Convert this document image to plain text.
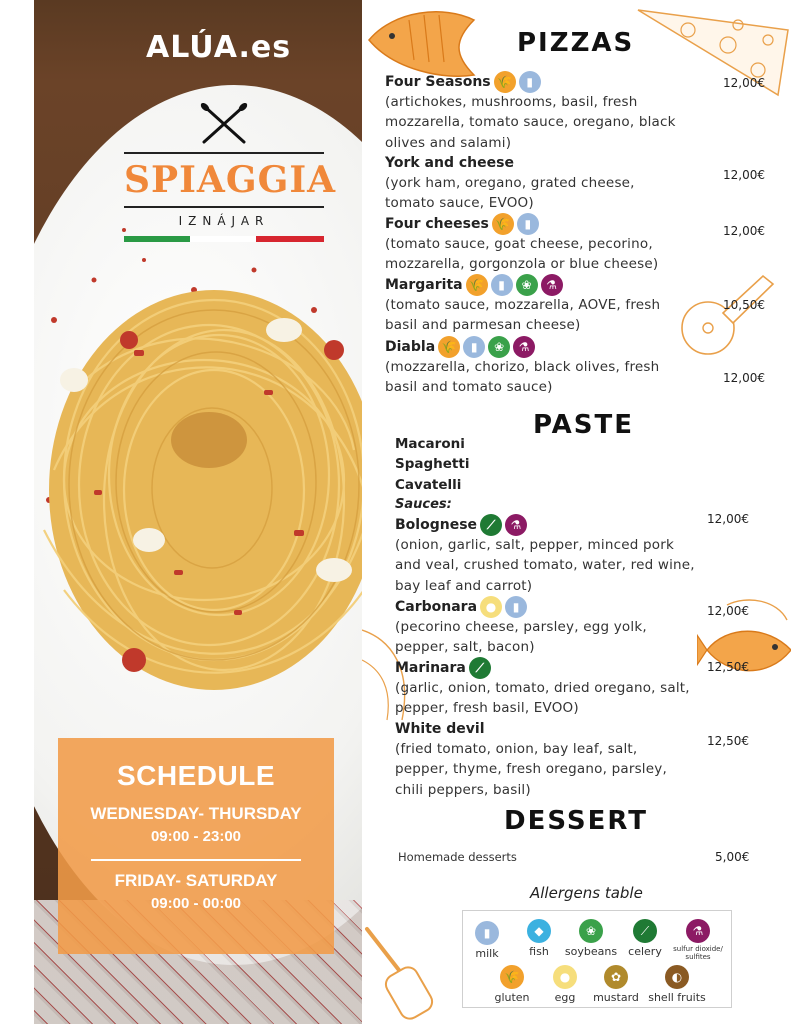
ALÚA.es
SPIAGGIA
IZNÁJAR
SCHEDULE
WEDNESDAY- THURSDAY
09:00 - 23:00
FRIDAY- SATURDAY
09:00 - 00:00
PIZZAS
Four Seasons 🌾	▮
(artichokes, mushrooms, basil, fresh mozzarella, tomato sauce, oregano, black olives and salami)
12,00€
York and cheese
(york ham, oregano, grated cheese, tomato sauce, EVOO)
12,00€
Four cheeses 🌾	▮
(tomato sauce, goat cheese, pecorino, mozzarella, gorgonzola or blue cheese)
12,00€
Margarita 🌾	▮	❀	⚗
(tomato sauce, mozzarella, AOVE, fresh basil and parmesan cheese)
10,50€
Diabla 🌾	▮	❀	⚗
(mozzarella, chorizo, black olives, fresh basil and tomato sauce)
12,00€
PASTE
Macaroni
Spaghetti
Cavatelli
Sauces:
Bolognese ⟋	⚗
(onion, garlic, salt, pepper, minced pork and veal, crushed tomato, water, red wine, bay leaf and carrot)
12,00€
Carbonara ●	▮
(pecorino cheese, parsley, egg yolk, pepper, salt, bacon)
12,00€
Marinara ⟋
(garlic, onion, tomato, dried oregano, salt, pepper, fresh basil, EVOO)
12,50€
White devil
(fried tomato, onion, bay leaf, salt, pepper, thyme, fresh oregano, parsley, chili peppers, basil)
12,50€
DESSERT
Homemade desserts	5,00€
Allergens table
▮
milk
◆
fish
❀
soybeans
⟋
celery
⚗
sulfur dioxide/ sulfites
🌾
gluten
●
egg
✿
mustard
◐
shell fruits
